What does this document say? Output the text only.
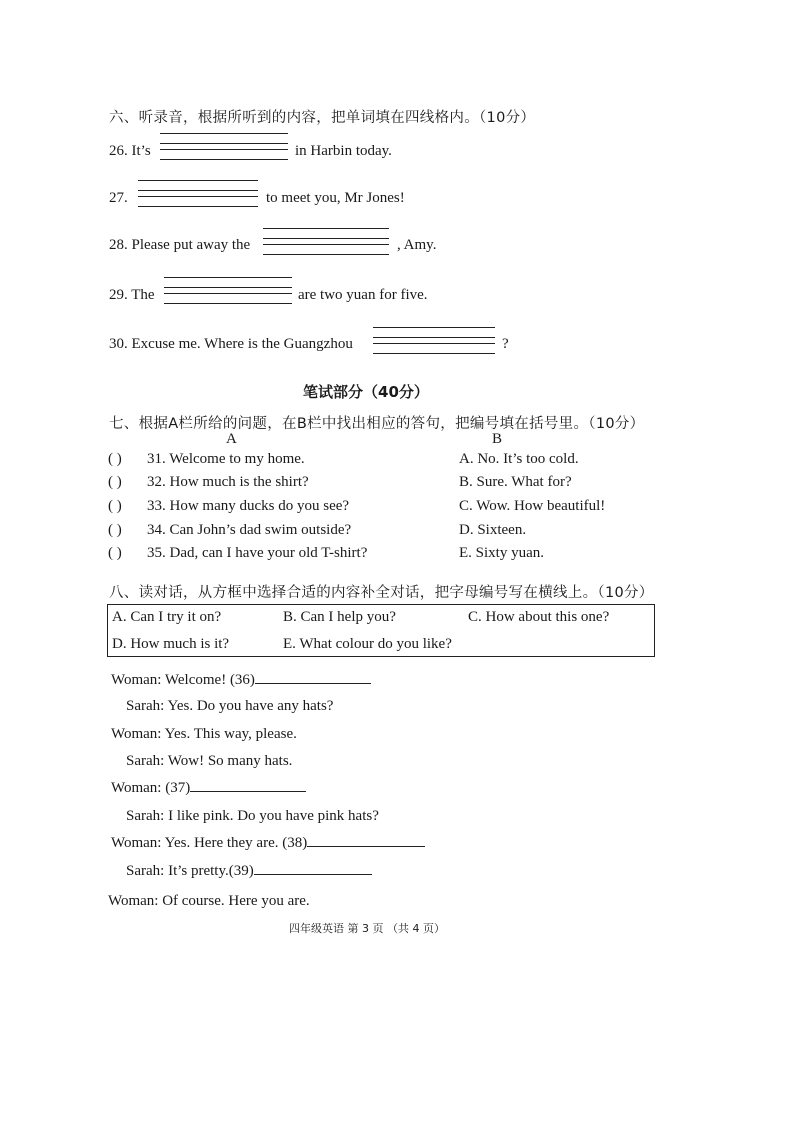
六、听录音，根据所听到的内容，把单词填在四线格内。（10分）
26. It’s	in Harbin today.
27.	to meet you, Mr Jones!
28. Please put away the	, Amy.
29. The	are two yuan for five.
30. Excuse me. Where is the Guangzhou	?
笔试部分（40分）
七、根据A栏所给的问题，在B栏中找出相应的答句，把编号填在括号里。（10分）
A	B
( ) 31. Welcome to my home.	A. No. It’s too cold.
( ) 32. How much is the shirt?	B. Sure. What for?
( ) 33. How many ducks do you see?	C. Wow. How beautiful!
( ) 34. Can John’s dad swim outside?	D. Sixteen.
( ) 35. Dad, can I have your old T-shirt?	E. Sixty yuan.
八、读对话，从方框中选择合适的内容补全对话，把字母编号写在横线上。（10分）
A. Can I try it on?	B. Can I help you?	C. How about this one?
D. How much is it?	E. What colour do you like?
Woman: Welcome! (36)
Sarah: Yes. Do you have any hats?
Woman: Yes. This way, please.
Sarah: Wow! So many hats.
Woman: (37)
Sarah: I like pink. Do you have pink hats?
Woman: Yes. Here they are. (38)
Sarah: It’s pretty.(39)
Woman: Of course. Here you are.
四年级英语 第 3 页 （共 4 页）
